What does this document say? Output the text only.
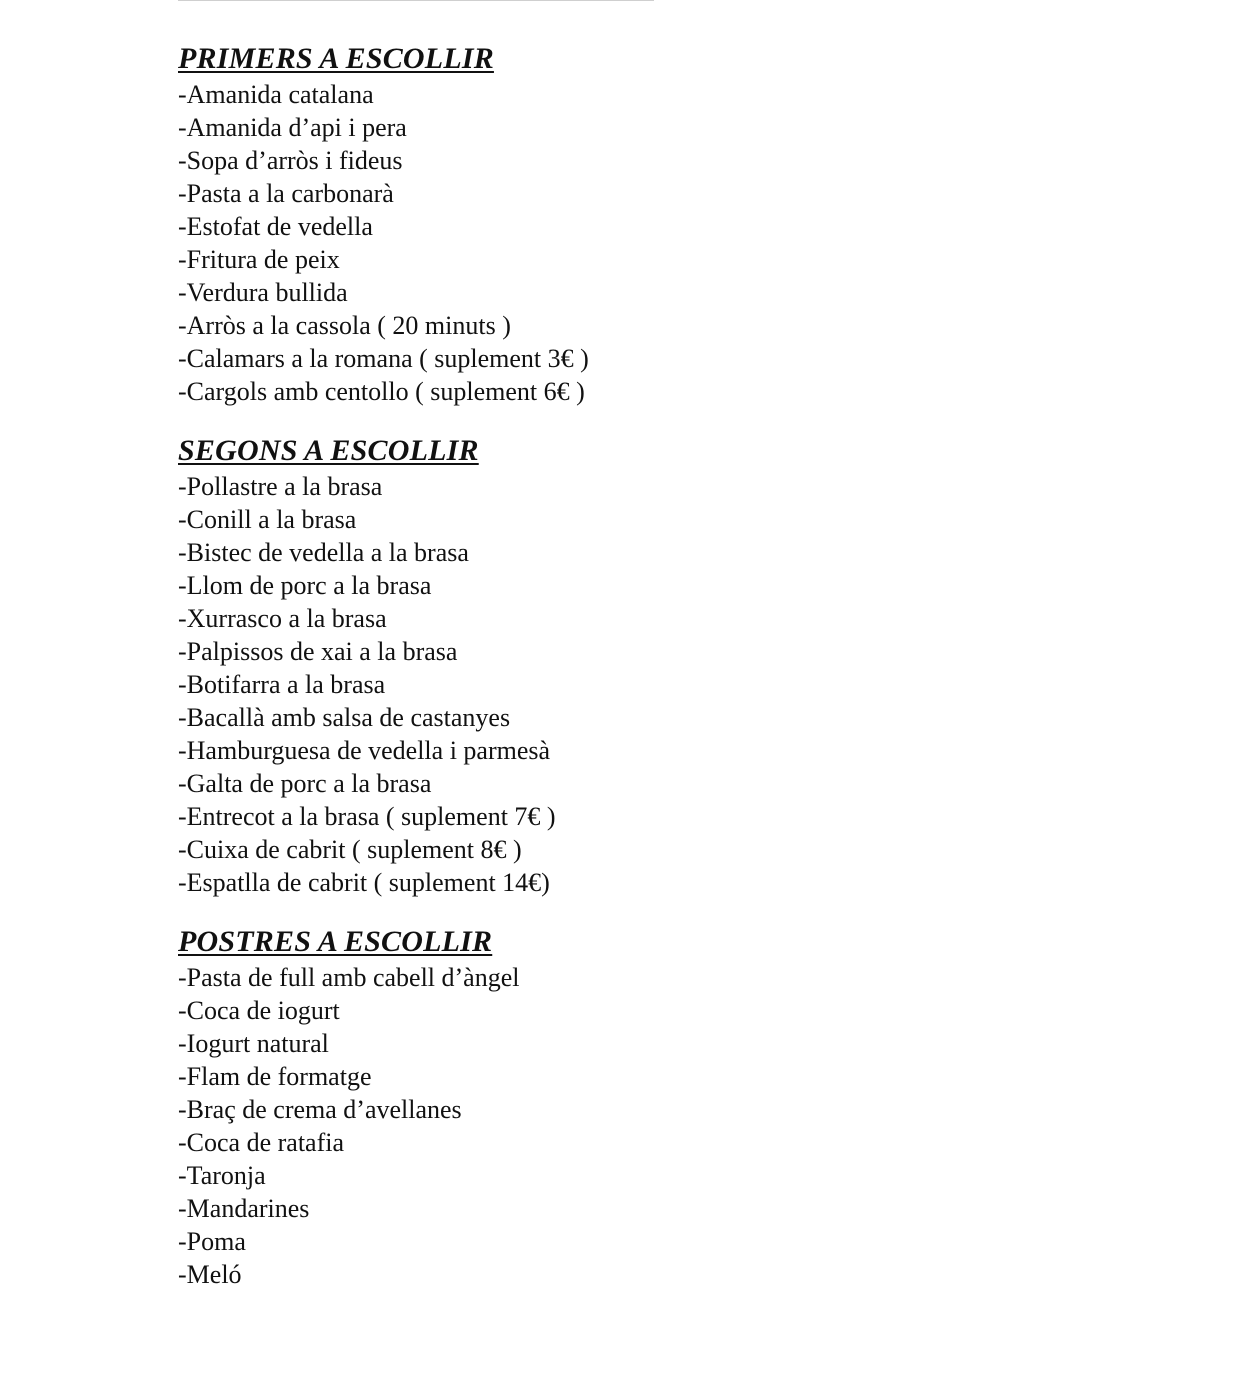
PRIMERS A ESCOLLIR
-Amanida catalana
-Amanida d’api i pera
-Sopa d’arròs i fideus
-Pasta a la carbonarà
-Estofat de vedella
-Fritura de peix
-Verdura bullida
-Arròs a la cassola ( 20 minuts )
-Calamars a la romana ( suplement 3€ )
-Cargols amb centollo ( suplement 6€ )
SEGONS A ESCOLLIR
-Pollastre a la brasa
-Conill a la brasa
-Bistec de vedella a la brasa
-Llom de porc a la brasa
-Xurrasco a la brasa
-Palpissos de xai a la brasa
-Botifarra a la brasa
-Bacallà amb salsa de castanyes
-Hamburguesa de vedella i parmesà
-Galta de porc a la brasa
-Entrecot a la brasa ( suplement 7€ )
-Cuixa de cabrit ( suplement 8€ )
-Espatlla de cabrit ( suplement 14€)
POSTRES A ESCOLLIR
-Pasta de full amb cabell d’àngel
-Coca de iogurt
-Iogurt natural
-Flam de formatge
-Braç de crema d’avellanes
-Coca de ratafia
-Taronja
-Mandarines
-Poma
-Meló
